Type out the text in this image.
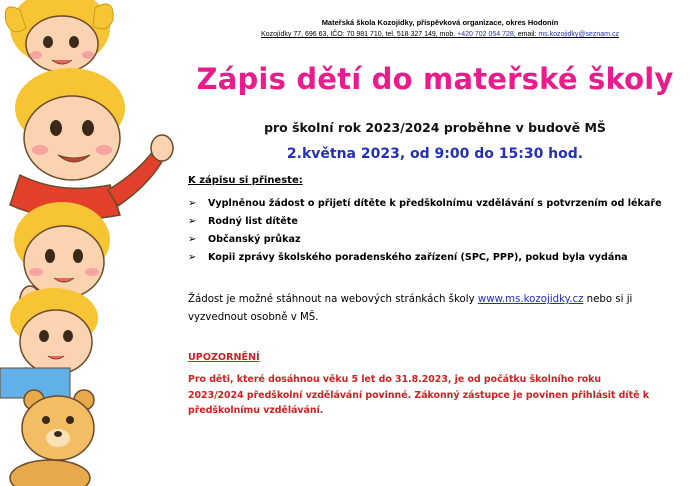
Mateřská škola Kozojídky, příspěvková organizace, okres Hodonín
Kozojídky 77, 696 63, IČO: 70 981 710, tel. 518 327 149, mob. +420 702 054 728, email: ms.kozojidky@seznam.cz
Zápis dětí do mateřské školy
pro školní rok 2023/2024 proběhne v budově MŠ
2.května 2023, od 9:00 do 15:30 hod.
K zápisu si přineste:
➢ Vyplněnou žádost o přijetí dítěte k předškolnímu vzdělávání s potvrzením od lékaře
➢ Rodný list dítěte
➢ Občanský průkaz
➢ Kopii zprávy školského poradenského zařízení (SPC, PPP), pokud byla vydána
Žádost je možné stáhnout na webových stránkách školy www.ms.kozojidky.cz nebo si ji vyzvednout osobně v MŠ.
UPOZORNĚNÍ
Pro děti, které dosáhnou věku 5 let do 31.8.2023, je od počátku školního roku 2023/2024 předškolní vzdělávání povinné. Zákonný zástupce je povinen přihlásit dítě k předškolnímu vzdělávání.
